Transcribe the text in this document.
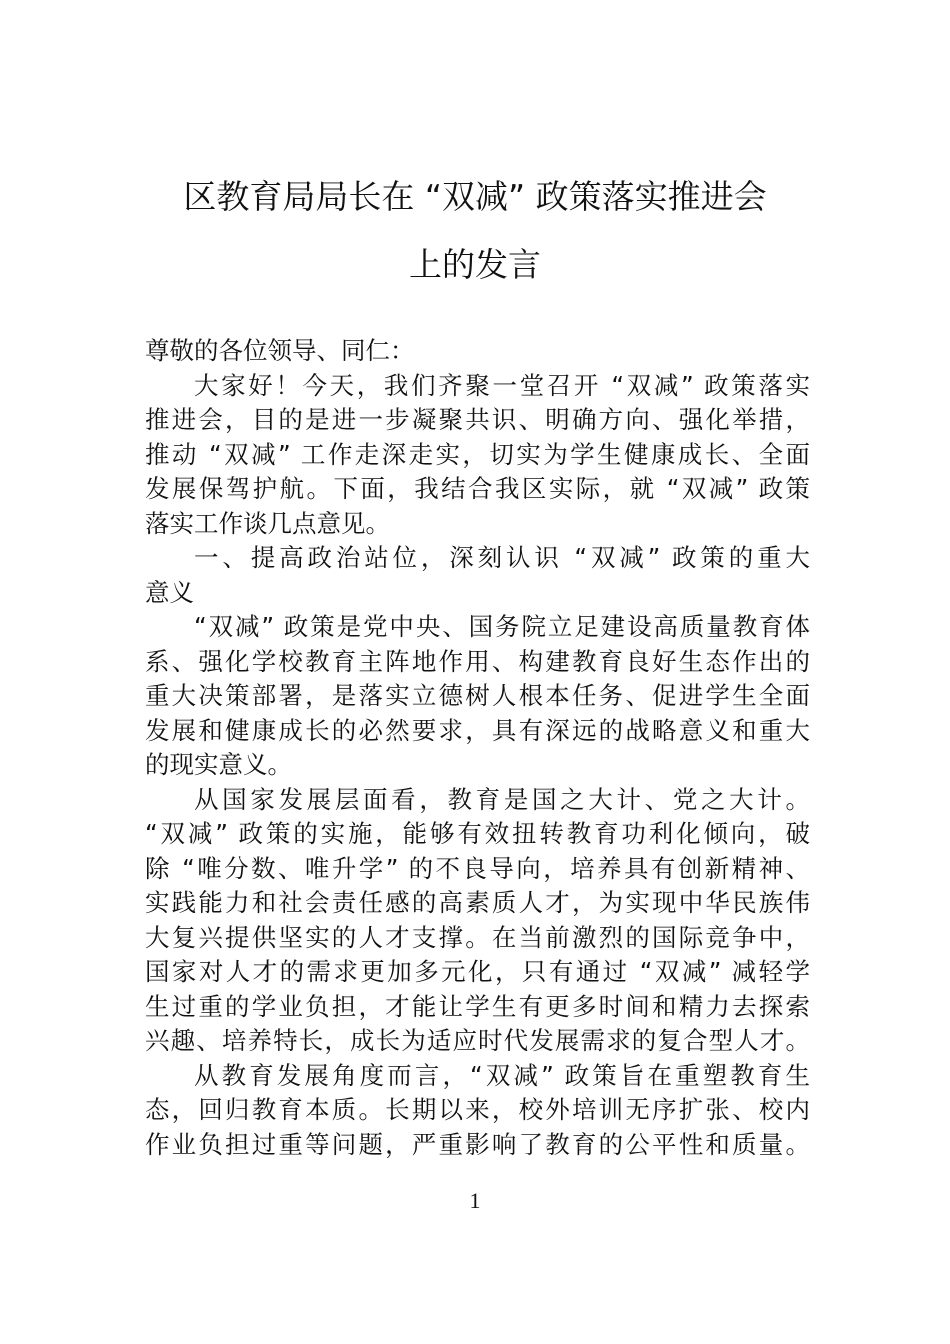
区教育局局长在 “双减” 政策落实推进会
上的发言
尊敬的各位领导、同仁：
大家好！今天，我们齐聚一堂召开 “双减” 政策落实
推进会，目的是进一步凝聚共识、明确方向、强化举措，
推动 “双减” 工作走深走实，切实为学生健康成长、全面
发展保驾护航。下面，我结合我区实际，就 “双减” 政策
落实工作谈几点意见。
一、提高政治站位，深刻认识 “双减” 政策的重大
意义
“双减” 政策是党中央、国务院立足建设高质量教育体
系、强化学校教育主阵地作用、构建教育良好生态作出的
重大决策部署，是落实立德树人根本任务、促进学生全面
发展和健康成长的必然要求，具有深远的战略意义和重大
的现实意义。
从国家发展层面看，教育是国之大计、党之大计。
“双减” 政策的实施，能够有效扭转教育功利化倾向，破
除 “唯分数、唯升学” 的不良导向，培养具有创新精神、
实践能力和社会责任感的高素质人才，为实现中华民族伟
大复兴提供坚实的人才支撑。在当前激烈的国际竞争中，
国家对人才的需求更加多元化，只有通过 “双减” 减轻学
生过重的学业负担，才能让学生有更多时间和精力去探索
兴趣、培养特长，成长为适应时代发展需求的复合型人才。
从教育发展角度而言，“双减” 政策旨在重塑教育生
态，回归教育本质。长期以来，校外培训无序扩张、校内
作业负担过重等问题，严重影响了教育的公平性和质量。
1
